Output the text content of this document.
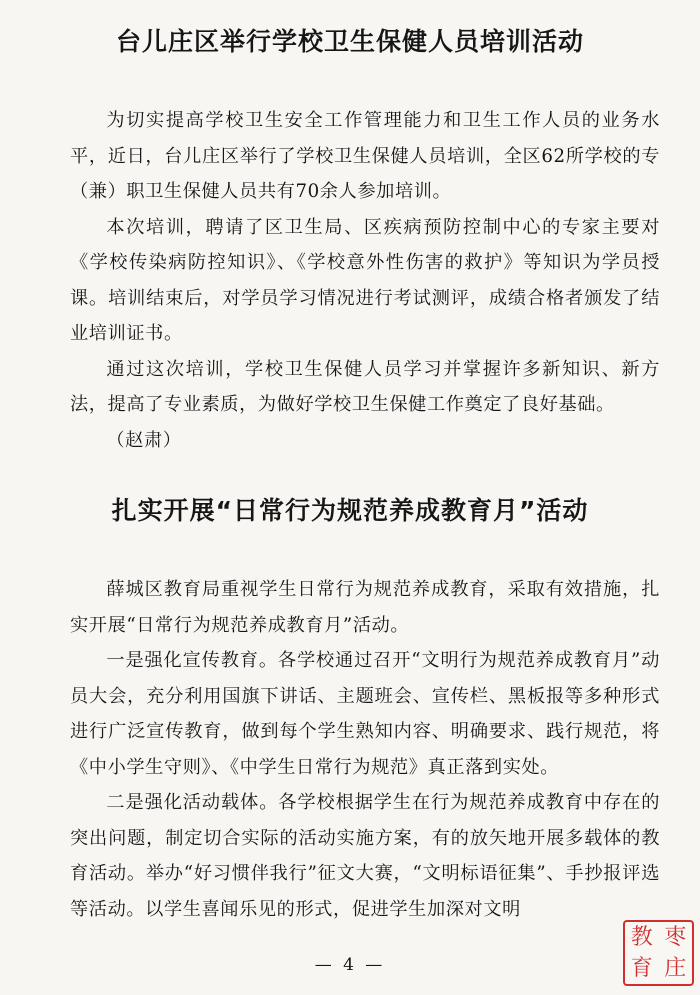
台儿庄区举行学校卫生保健人员培训活动

为切实提高学校卫生安全工作管理能力和卫生工作人员的业务水平，近日，台儿庄区举行了学校卫生保健人员培训，全区62所学校的专（兼）职卫生保健人员共有70余人参加培训。

本次培训，聘请了区卫生局、区疾病预防控制中心的专家主要对《学校传染病防控知识》、《学校意外性伤害的救护》等知识为学员授课。培训结束后，对学员学习情况进行考试测评，成绩合格者颁发了结业培训证书。

通过这次培训，学校卫生保健人员学习并掌握许多新知识、新方法，提高了专业素质，为做好学校卫生保健工作奠定了良好基础。

（赵肃）

扎实开展“日常行为规范养成教育月”活动

薛城区教育局重视学生日常行为规范养成教育，采取有效措施，扎实开展“日常行为规范养成教育月”活动。

一是强化宣传教育。各学校通过召开“文明行为规范养成教育月”动员大会，充分利用国旗下讲话、主题班会、宣传栏、黑板报等多种形式进行广泛宣传教育，做到每个学生熟知内容、明确要求、践行规范，将《中小学生守则》、《中学生日常行为规范》真正落到实处。

二是强化活动载体。各学校根据学生在行为规范养成教育中存在的突出问题，制定切合实际的活动实施方案，有的放矢地开展多载体的教育活动。举办“好习惯伴我行”征文大赛，“文明标语征集”、手抄报评选等活动。以学生喜闻乐见的形式，促进学生加深对文明

— 4 —
教 枣
育 庄
